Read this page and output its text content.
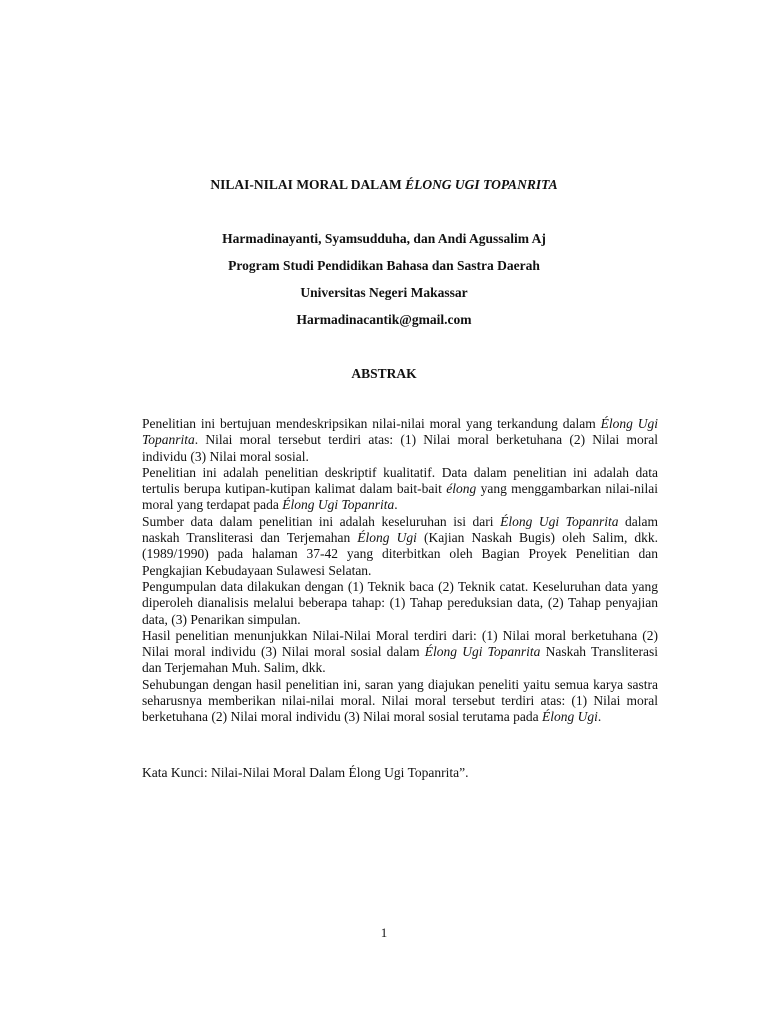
NILAI-NILAI MORAL DALAM ÉLONG UGI TOPANRITA
Harmadinayanti, Syamsudduha, dan Andi Agussalim Aj
Program Studi Pendidikan Bahasa dan Sastra Daerah
Universitas Negeri Makassar
Harmadinacantik@gmail.com
ABSTRAK

Penelitian ini bertujuan mendeskripsikan nilai-nilai moral yang terkandung dalam Élong Ugi Topanrita. Nilai moral tersebut terdiri atas: (1) Nilai moral berketuhana (2) Nilai moral individu (3) Nilai moral sosial.

Penelitian ini adalah penelitian deskriptif kualitatif. Data dalam penelitian ini adalah data tertulis berupa kutipan-kutipan kalimat dalam bait-bait élong yang menggambarkan nilai-nilai moral yang terdapat pada Élong Ugi Topanrita.

Sumber data dalam penelitian ini adalah keseluruhan isi dari Élong Ugi Topanrita dalam naskah Transliterasi dan Terjemahan Élong Ugi (Kajian Naskah Bugis) oleh Salim, dkk. (1989/1990) pada halaman 37-42 yang diterbitkan oleh Bagian Proyek Penelitian dan Pengkajian Kebudayaan Sulawesi Selatan.

Pengumpulan data dilakukan dengan (1) Teknik baca (2) Teknik catat. Keseluruhan data yang diperoleh dianalisis melalui beberapa tahap: (1) Tahap pereduksian data, (2) Tahap penyajian data, (3) Penarikan simpulan.

Hasil penelitian menunjukkan Nilai-Nilai Moral terdiri dari: (1) Nilai moral berketuhana (2) Nilai moral individu (3) Nilai moral sosial dalam Élong Ugi Topanrita Naskah Transliterasi dan Terjemahan Muh. Salim, dkk.

Sehubungan dengan hasil penelitian ini, saran yang diajukan peneliti yaitu semua karya sastra seharusnya memberikan nilai-nilai moral. Nilai moral tersebut terdiri atas: (1) Nilai moral berketuhana (2) Nilai moral individu (3) Nilai moral sosial terutama pada Élong Ugi.

Kata Kunci: Nilai-Nilai Moral Dalam Élong Ugi Topanrita”.
1
